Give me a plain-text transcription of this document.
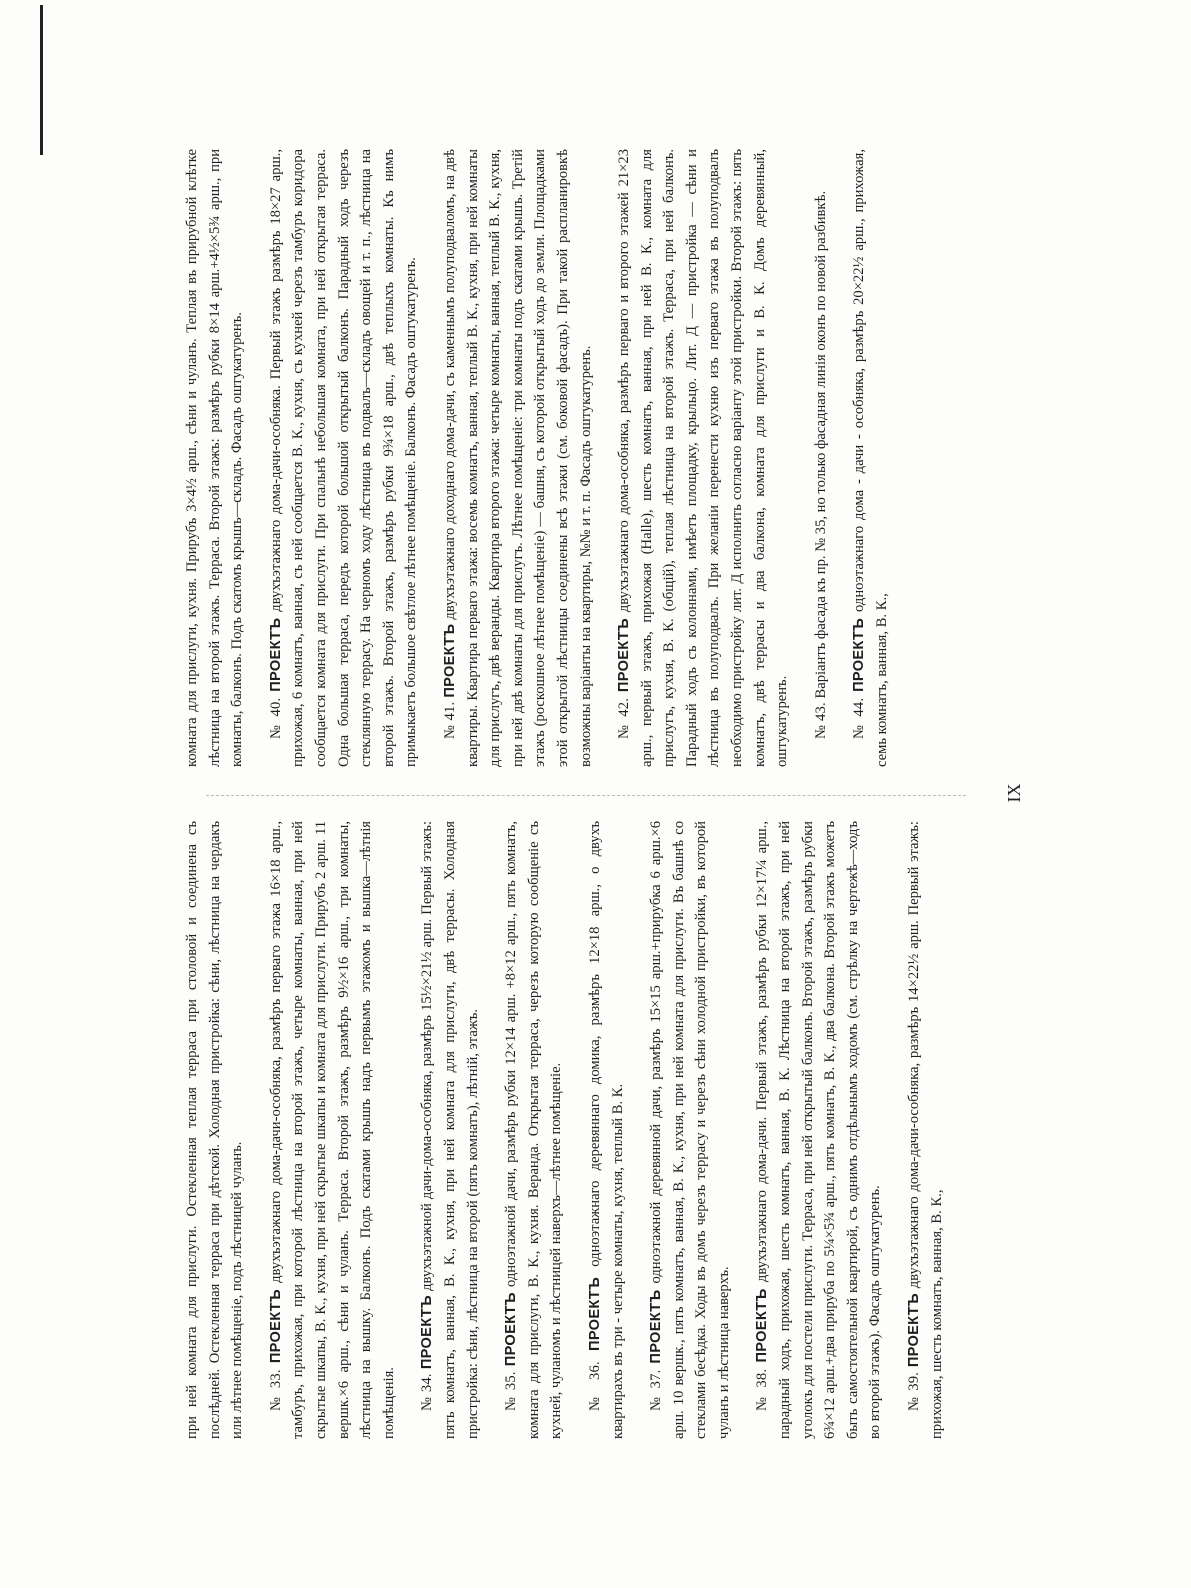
при ней комната для прислуги. Остекленная теплая терраса при столовой и соединена съ послѣдней. Остекленная терраса при дѣтской. Холодная пристройка: сѣни, лѣстница на чердакъ или лѣтнее помѣщеніе, подъ лѣстницей чуланъ. № 33. ПРОЕКТЪ двухъэтажнаго дома-дачи-особняка, размѣръ перваго этажа 16×18 арш., тамбуръ, прихожая, при которой лѣстница на второй этажъ, четыре комнаты, ванная, при ней скрытые шкапы, В. К., кухня, при ней скрытые шкапы и комната для прислуги. Прирубъ 2 арш. 11 вершк.×6 арш., сѣни и чуланъ. Терраса. Второй этажъ, размѣръ 9½×16 арш., три комнаты, лѣстница на вышку. Балконъ. Подъ скатами крышъ надъ первымъ этажомъ и вышка—лѣтнія помѣщенія. № 34. ПРОЕКТЪ двухъэтажной дачи-дома-особняка, размѣръ 15½×21½ арш. Первый этажъ: пять комнатъ, ванная, В. К., кухня, при ней комната для прислуги, двѣ террасы. Холодная пристройка: сѣни, лѣстница на второй (пять комнатъ), лѣтній, этажъ. № 35. ПРОЕКТЪ одноэтажной дачи, размѣръ рубки 12×14 арш. +8×12 арш., пять комнатъ, комната для прислуги, В. К., кухня. Веранда. Открытая терраса, черезъ которую сообщеніе съ кухней, чуланомъ и лѣстницей наверхъ—лѣтнее помѣщеніе. № 36. ПРОЕКТЪ одноэтажнаго деревяннаго домика, размѣръ 12×18 арш., о двухъ квартирахъ въ три - четыре комнаты, кухня, теплый В. К. № 37. ПРОЕКТЪ одноэтажной деревянной дачи, размѣръ 15×15 арш.+прирубка 6 арш.×6 арш. 10 вершк., пять комнатъ, ванная, В. К., кухня, при ней комната для прислуги. Въ башнѣ со стеклами бесѣдка. Ходы въ домъ черезъ террасу и черезъ сѣни холодной пристройки, въ которой чуланъ и лѣстница наверхъ. № 38. ПРОЕКТЪ двухъэтажнаго дома-дачи. Первый этажъ, размѣръ рубки 12×17¼ арш., парадный ходъ, прихожая, шесть комнатъ, ванная, В. К. Лѣстница на второй этажъ, при ней уголокъ для постели прислуги. Терраса, при ней открытый балконъ. Второй этажъ, размѣръ рубки 6¾×12 арш.+два прируба по 5¼×5¾ арш., пять комнатъ, В. К., два балкона. Второй этажъ можетъ быть самостоятельной квартирой, съ однимъ отдѣльнымъ ходомъ (см. стрѣлку на чертежѣ—ходъ во второй этажъ). Фасадъ оштукатуренъ. № 39. ПРОЕКТЪ двухъэтажнаго дома-дачи-особняка, размѣръ 14×22½ арш. Первый этажъ: прихожая, шесть комнатъ, ванная, В. К.,

комната для прислуги, кухня. Прирубъ 3×4½ арш., сѣни и чуланъ. Теплая въ прирубной клѣтке лѣстница на второй этажъ. Терраса. Второй этажъ: размѣръ рубки 8×14 арш.+4½×5¾ арш., при комнаты, балконъ. Подъ скатомъ крышъ—складъ. Фасадъ оштукатуренъ. № 40. ПРОЕКТЪ двухъэтажнаго дома-дачи-особняка. Первый этажъ размѣръ 18×27 арш., прихожая, 6 комнатъ, ванная, съ ней сообщается В. К., кухня, съ кухней черезъ тамбуръ коридора сообщается комната для прислуги. При спальнѣ небольшая комната, при ней открытая терраса. Одна большая терраса, передъ которой большой открытый балконъ. Парадный ходъ черезъ стеклянную террасу. На черномъ ходу лѣстница въ подвалъ—складъ овощей и т. п., лѣстница на второй этажъ. Второй этажъ, размѣръ рубки 9¾×18 арш., двѣ теплыхъ комнаты. Къ нимъ примыкаетъ большое свѣтлое лѣтнее помѣщеніе. Балконъ. Фасадъ оштукатуренъ. № 41. ПРОЕКТЪ двухъэтажнаго доходнаго дома-дачи, съ каменнымъ полуподваломъ, на двѣ квартиры. Квартира перваго этажа: восемь комнатъ, ванная, теплый В. К., кухня, при ней комнаты для прислугъ, двѣ веранды. Квартира второго этажа: четыре комнаты, ванная, теплый В. К., кухня, при ней двѣ комнаты для прислугъ. Лѣтнее помѣщеніе: три комнаты подъ скатами крышъ. Третій этажъ (роскошное лѣтнее помѣщеніе) — башня, съ которой открытый ходъ до земли. Площадками этой открытой лѣстницы соединены всѣ этажи (см. боковой фасадъ). При такой распланировкѣ возможны варіанты на квартиры, №№ и т. п. Фасадъ оштукатуренъ. № 42. ПРОЕКТЪ двухъэтажнаго дома-особняка, размѣръ перваго и второго этажей 21×23 арш., первый этажъ, прихожая (Halle), шесть комнатъ, ванная, при ней В. К., комната для прислугъ, кухня, В. К. (общій), теплая лѣстница на второй этажъ. Терраса, при ней балконъ. Парадный ходъ съ колоннами, имѣетъ площадку, крыльцо. Лит. Д — пристройка — сѣни и лѣстница въ полуподвалъ. При желаніи перенести кухню изъ перваго этажа въ полуподвалъ необходимо пристройку лит. Д исполнить согласно варіанту этой пристройки. Второй этажъ: пять комнатъ, двѣ террасы и два балкона, комната для прислуги и В. К. Домъ деревянный, оштукатуренъ. № 43. Варіантъ фасада къ пр. № 35, но только фасадная линія оконъ по новой разбивкѣ.

№ 44. ПРОЕКТЪ одноэтажнаго дома - дачи - особняка, размѣръ 20×22½ арш., прихожая, семь комнатъ, ванная, В. К.,

IX
